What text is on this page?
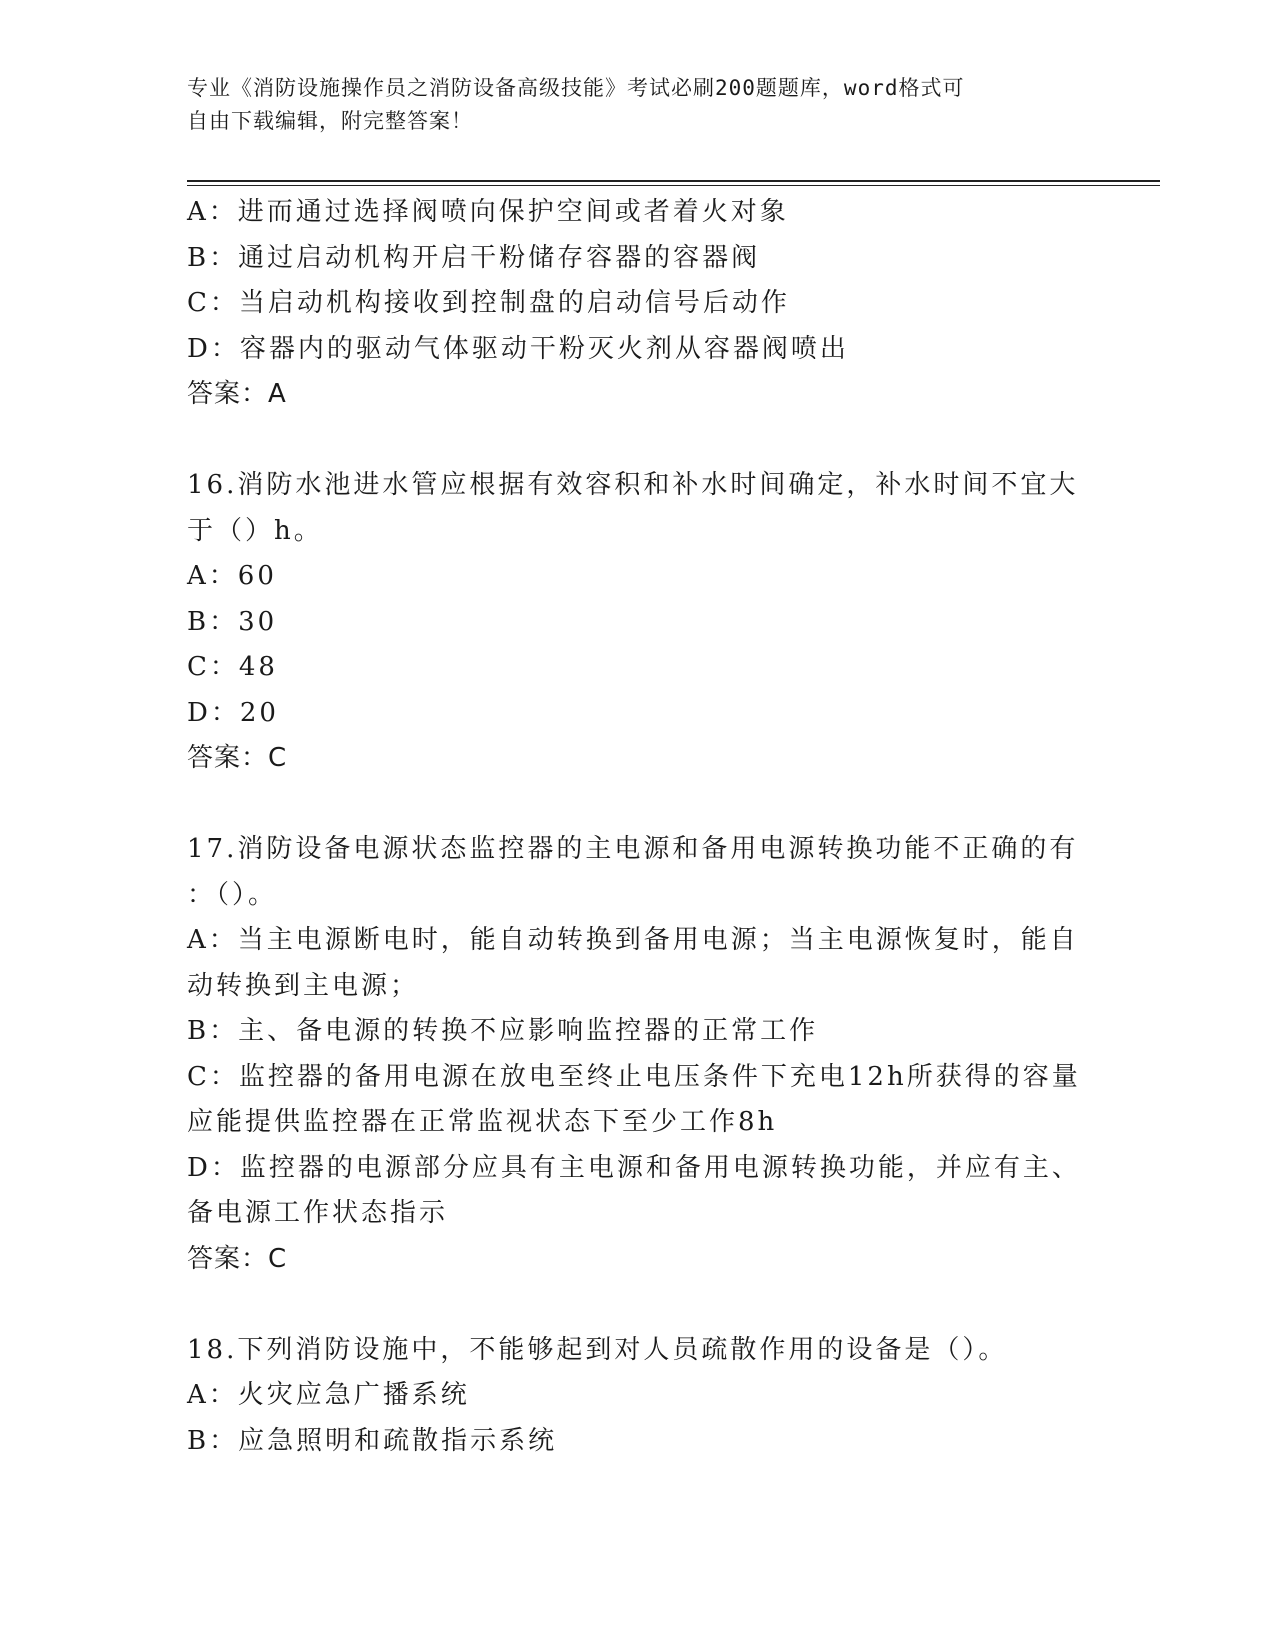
专业《消防设施操作员之消防设备高级技能》考试必刷200题题库，word格式可
自由下载编辑，附完整答案！
A：进而通过选择阀喷向保护空间或者着火对象
B：通过启动机构开启干粉储存容器的容器阀
C：当启动机构接收到控制盘的启动信号后动作
D：容器内的驱动气体驱动干粉灭火剂从容器阀喷出
答案：A
16.消防水池进水管应根据有效容积和补水时间确定，补水时间不宜大
于（）h。
A：60
B：30
C：48
D：20
答案：C
17.消防设备电源状态监控器的主电源和备用电源转换功能不正确的有
：（）。
A：当主电源断电时，能自动转换到备用电源；当主电源恢复时，能自
动转换到主电源；
B：主、备电源的转换不应影响监控器的正常工作
C：监控器的备用电源在放电至终止电压条件下充电12h所获得的容量
应能提供监控器在正常监视状态下至少工作8h
D：监控器的电源部分应具有主电源和备用电源转换功能，并应有主、
备电源工作状态指示
答案：C
18.下列消防设施中，不能够起到对人员疏散作用的设备是（）。
A：火灾应急广播系统
B：应急照明和疏散指示系统
